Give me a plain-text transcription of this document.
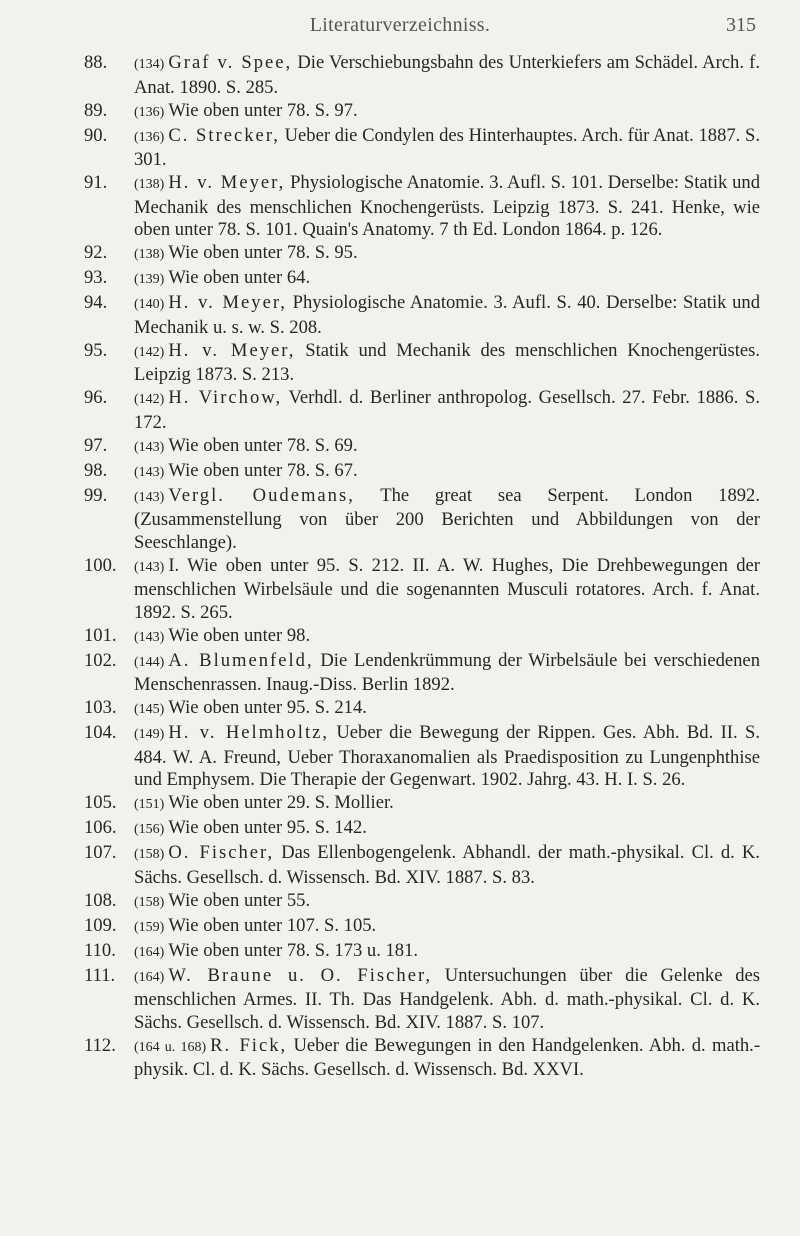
Literaturverzeichniss.	315
88.	(134) Graf v. Spee, Die Verschiebungsbahn des Unterkiefers am Schädel. Arch. f. Anat. 1890. S. 285.
89.	(136) Wie oben unter 78. S. 97.
90.	(136) C. Strecker, Ueber die Condylen des Hinterhauptes. Arch. für Anat. 1887. S. 301.
91.	(138) H. v. Meyer, Physiologische Anatomie. 3. Aufl. S. 101. Derselbe: Statik und Mechanik des menschlichen Knochengerüsts. Leipzig 1873. S. 241. Henke, wie oben unter 78. S. 101. Quain's Anatomy. 7 th Ed. London 1864. p. 126.
92.	(138) Wie oben unter 78. S. 95.
93.	(139) Wie oben unter 64.
94.	(140) H. v. Meyer, Physiologische Anatomie. 3. Aufl. S. 40. Derselbe: Statik und Mechanik u. s. w. S. 208.
95.	(142) H. v. Meyer, Statik und Mechanik des menschlichen Knochengerüstes. Leipzig 1873. S. 213.
96.	(142) H. Virchow, Verhdl. d. Berliner anthropolog. Gesellsch. 27. Febr. 1886. S. 172.
97.	(143) Wie oben unter 78. S. 69.
98.	(143) Wie oben unter 78. S. 67.
99.	(143) Vergl. Oudemans, The great sea Serpent. London 1892. (Zusammenstellung von über 200 Berichten und Abbildungen von der Seeschlange).
100.	(143) I. Wie oben unter 95. S. 212. II. A. W. Hughes, Die Drehbewegungen der menschlichen Wirbelsäule und die sogenannten Musculi rotatores. Arch. f. Anat. 1892. S. 265.
101.	(143) Wie oben unter 98.
102.	(144) A. Blumenfeld, Die Lendenkrümmung der Wirbelsäule bei verschiedenen Menschenrassen. Inaug.-Diss. Berlin 1892.
103.	(145) Wie oben unter 95. S. 214.
104.	(149) H. v. Helmholtz, Ueber die Bewegung der Rippen. Ges. Abh. Bd. II. S. 484. W. A. Freund, Ueber Thoraxanomalien als Praedisposition zu Lungenphthise und Emphysem. Die Therapie der Gegenwart. 1902. Jahrg. 43. H. I. S. 26.
105.	(151) Wie oben unter 29. S. Mollier.
106.	(156) Wie oben unter 95. S. 142.
107.	(158) O. Fischer, Das Ellenbogengelenk. Abhandl. der math.-physikal. Cl. d. K. Sächs. Gesellsch. d. Wissensch. Bd. XIV. 1887. S. 83.
108.	(158) Wie oben unter 55.
109.	(159) Wie oben unter 107. S. 105.
110.	(164) Wie oben unter 78. S. 173 u. 181.
111.	(164) W. Braune u. O. Fischer, Untersuchungen über die Gelenke des menschlichen Armes. II. Th. Das Handgelenk. Abh. d. math.-physikal. Cl. d. K. Sächs. Gesellsch. d. Wissensch. Bd. XIV. 1887. S. 107.
112.	(164 u. 168) R. Fick, Ueber die Bewegungen in den Handgelenken. Abh. d. math.-physik. Cl. d. K. Sächs. Gesellsch. d. Wissensch. Bd. XXVI.
